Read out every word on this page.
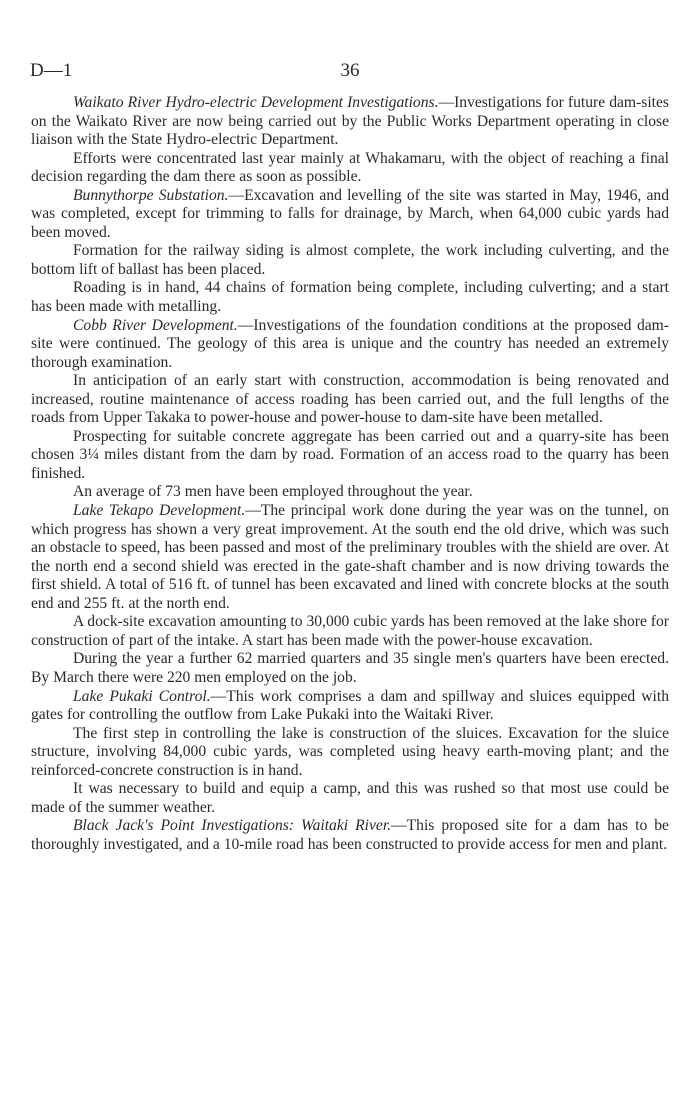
D—1	36

Waikato River Hydro-electric Development Investigations.—Investigations for future dam-sites on the Waikato River are now being carried out by the Public Works Department operating in close liaison with the State Hydro-electric Department.

Efforts were concentrated last year mainly at Whakamaru, with the object of reaching a final decision regarding the dam there as soon as possible.

Bunnythorpe Substation.—Excavation and levelling of the site was started in May, 1946, and was completed, except for trimming to falls for drainage, by March, when 64,000 cubic yards had been moved.

Formation for the railway siding is almost complete, the work including culverting, and the bottom lift of ballast has been placed.

Roading is in hand, 44 chains of formation being complete, including culverting; and a start has been made with metalling.

Cobb River Development.—Investigations of the foundation conditions at the proposed dam-site were continued. The geology of this area is unique and the country has needed an extremely thorough examination.

In anticipation of an early start with construction, accommodation is being renovated and increased, routine maintenance of access roading has been carried out, and the full lengths of the roads from Upper Takaka to power-house and power-house to dam-site have been metalled.

Prospecting for suitable concrete aggregate has been carried out and a quarry-site has been chosen 3¼ miles distant from the dam by road. Formation of an access road to the quarry has been finished.

An average of 73 men have been employed throughout the year.

Lake Tekapo Development.—The principal work done during the year was on the tunnel, on which progress has shown a very great improvement. At the south end the old drive, which was such an obstacle to speed, has been passed and most of the preliminary troubles with the shield are over. At the north end a second shield was erected in the gate-shaft chamber and is now driving towards the first shield. A total of 516 ft. of tunnel has been excavated and lined with concrete blocks at the south end and 255 ft. at the north end.

A dock-site excavation amounting to 30,000 cubic yards has been removed at the lake shore for construction of part of the intake. A start has been made with the power-house excavation.

During the year a further 62 married quarters and 35 single men's quarters have been erected. By March there were 220 men employed on the job.

Lake Pukaki Control.—This work comprises a dam and spillway and sluices equipped with gates for controlling the outflow from Lake Pukaki into the Waitaki River.

The first step in controlling the lake is construction of the sluices. Excavation for the sluice structure, involving 84,000 cubic yards, was completed using heavy earth-moving plant; and the reinforced-concrete construction is in hand.

It was necessary to build and equip a camp, and this was rushed so that most use could be made of the summer weather.

Black Jack's Point Investigations: Waitaki River.—This proposed site for a dam has to be thoroughly investigated, and a 10-mile road has been constructed to provide access for men and plant.
